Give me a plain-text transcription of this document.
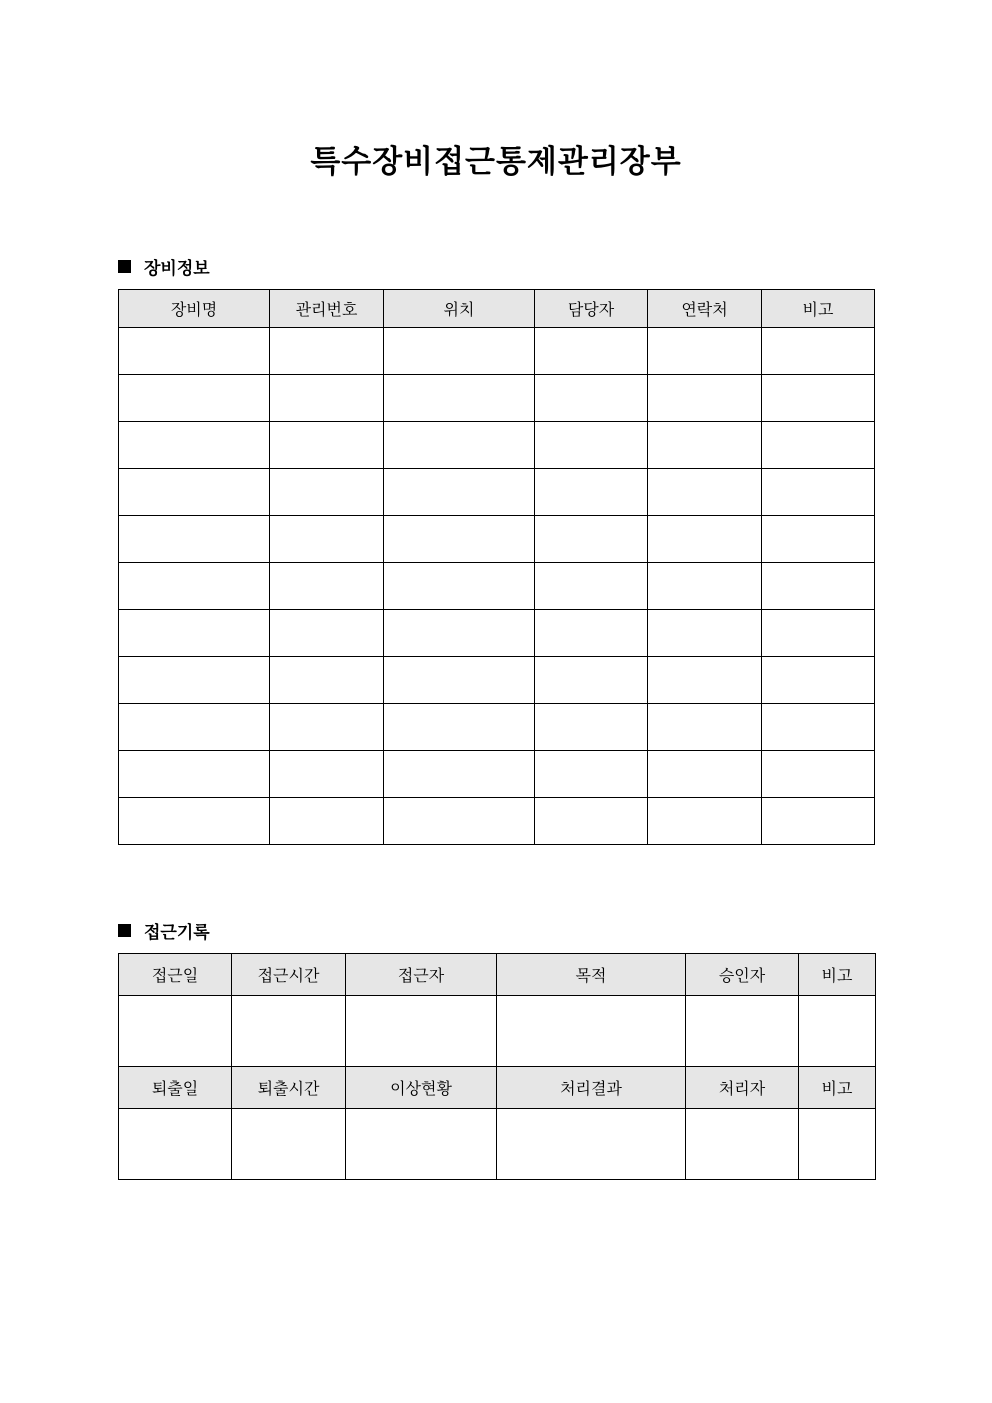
특수장비접근통제관리장부
장비정보
장비명	관리번호	위치	담당자	연락처	비고

접근기록
접근일	접근시간	접근자	목적	승인자	비고

퇴출일	퇴출시간	이상현황	처리결과	처리자	비고
